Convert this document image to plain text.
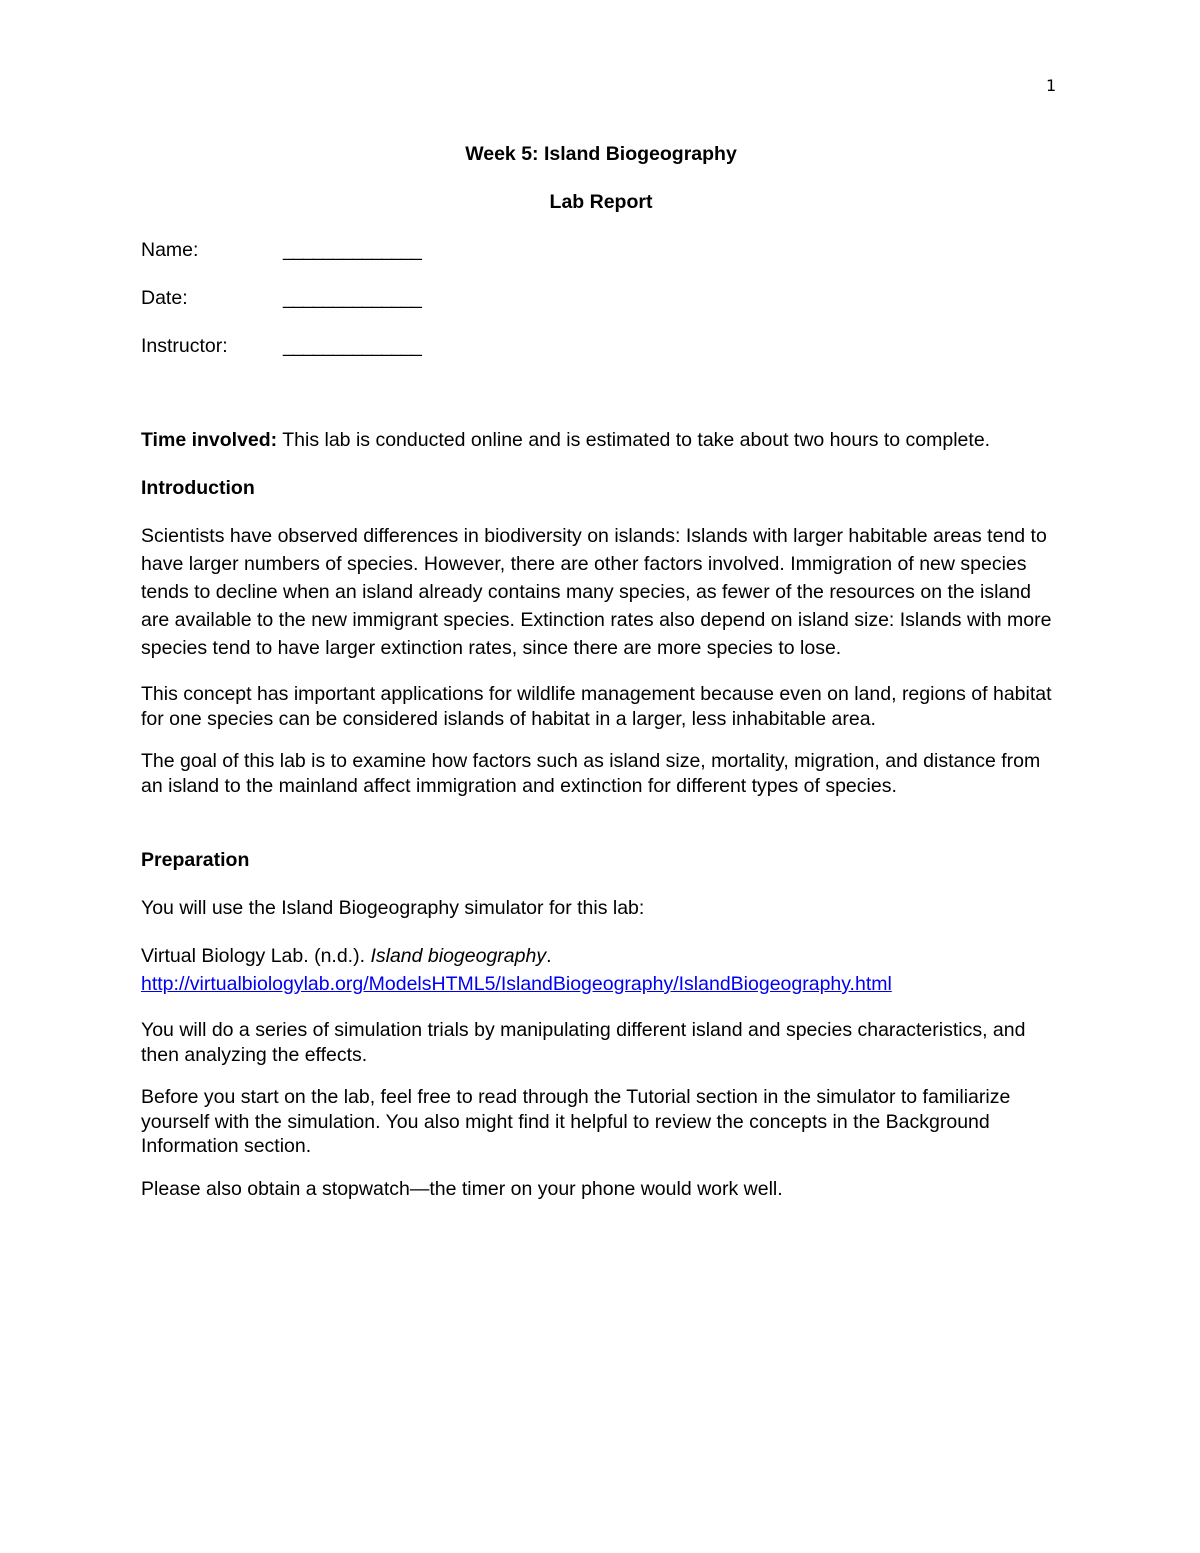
1
Week 5: Island Biogeography
Lab Report
Name:	______________
Date:	______________
Instructor:	______________

Time involved: This lab is conducted online and is estimated to take about two hours to complete.

Introduction

Scientists have observed differences in biodiversity on islands: Islands with larger habitable areas tend to have larger numbers of species. However, there are other factors involved. Immigration of new species tends to decline when an island already contains many species, as fewer of the resources on the island are available to the new immigrant species. Extinction rates also depend on island size: Islands with more species tend to have larger extinction rates, since there are more species to lose.

This concept has important applications for wildlife management because even on land, regions of habitat for one species can be considered islands of habitat in a larger, less inhabitable area.

The goal of this lab is to examine how factors such as island size, mortality, migration, and distance from an island to the mainland affect immigration and extinction for different types of species.

Preparation

You will use the Island Biogeography simulator for this lab:

Virtual Biology Lab. (n.d.). Island biogeography.
http://virtualbiologylab.org/ModelsHTML5/IslandBiogeography/IslandBiogeography.html

You will do a series of simulation trials by manipulating different island and species characteristics, and then analyzing the effects.

Before you start on the lab, feel free to read through the Tutorial section in the simulator to familiarize yourself with the simulation. You also might find it helpful to review the concepts in the Background Information section.

Please also obtain a stopwatch—the timer on your phone would work well.
